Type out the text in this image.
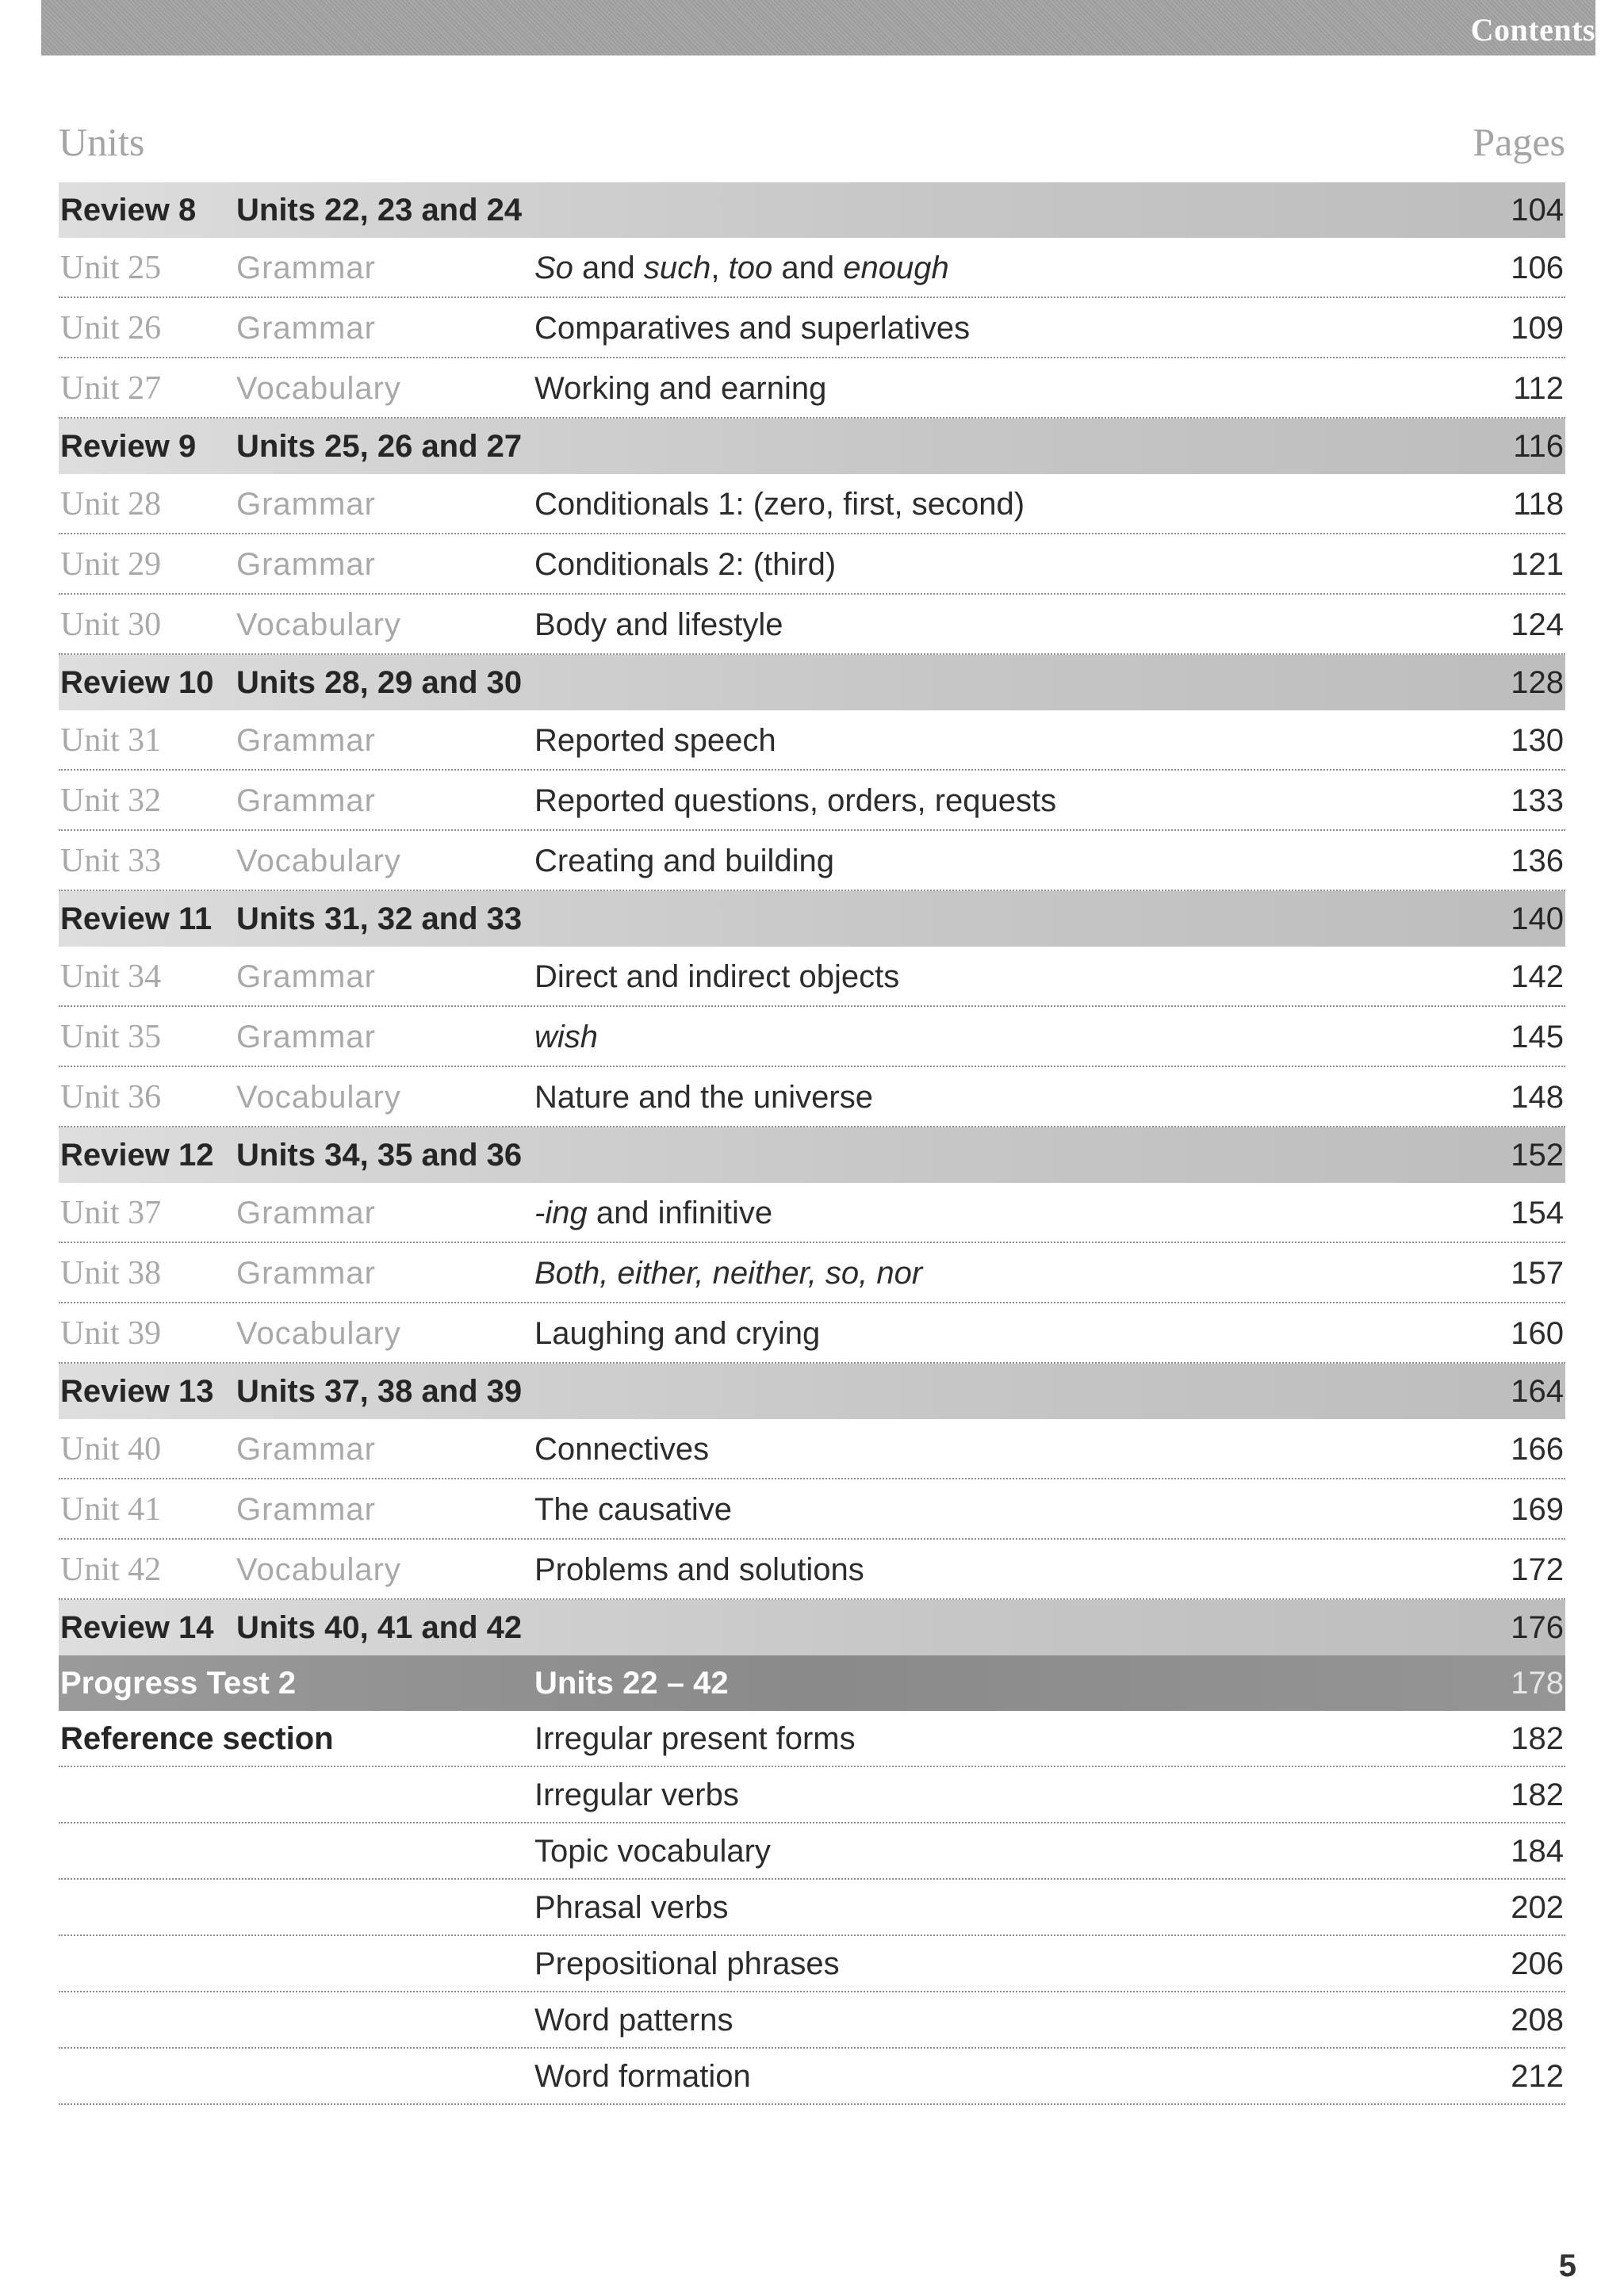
Contents
Units	Pages
Review 8 Units 22, 23 and 24	104
Unit 25 Grammar	So and such, too and enough	106
Unit 26 Grammar	Comparatives and superlatives	109
Unit 27 Vocabulary	Working and earning	112
Review 9 Units 25, 26 and 27	116
Unit 28 Grammar	Conditionals 1: (zero, first, second)	118
Unit 29 Grammar	Conditionals 2: (third)	121
Unit 30 Vocabulary	Body and lifestyle	124
Review 10 Units 28, 29 and 30	128
Unit 31 Grammar	Reported speech	130
Unit 32 Grammar	Reported questions, orders, requests	133
Unit 33 Vocabulary	Creating and building	136
Review 11 Units 31, 32 and 33	140
Unit 34 Grammar	Direct and indirect objects	142
Unit 35 Grammar	wish	145
Unit 36 Vocabulary	Nature and the universe	148
Review 12 Units 34, 35 and 36	152
Unit 37 Grammar	-ing and infinitive	154
Unit 38 Grammar	Both, either, neither, so, nor	157
Unit 39 Vocabulary	Laughing and crying	160
Review 13 Units 37, 38 and 39	164
Unit 40 Grammar	Connectives	166
Unit 41 Grammar	The causative	169
Unit 42 Vocabulary	Problems and solutions	172
Review 14 Units 40, 41 and 42	176
Progress Test 2	Units 22 – 42	178
Reference section	Irregular present forms	182
Irregular verbs	182
Topic vocabulary	184
Phrasal verbs	202
Prepositional phrases	206
Word patterns	208
Word formation	212
5
